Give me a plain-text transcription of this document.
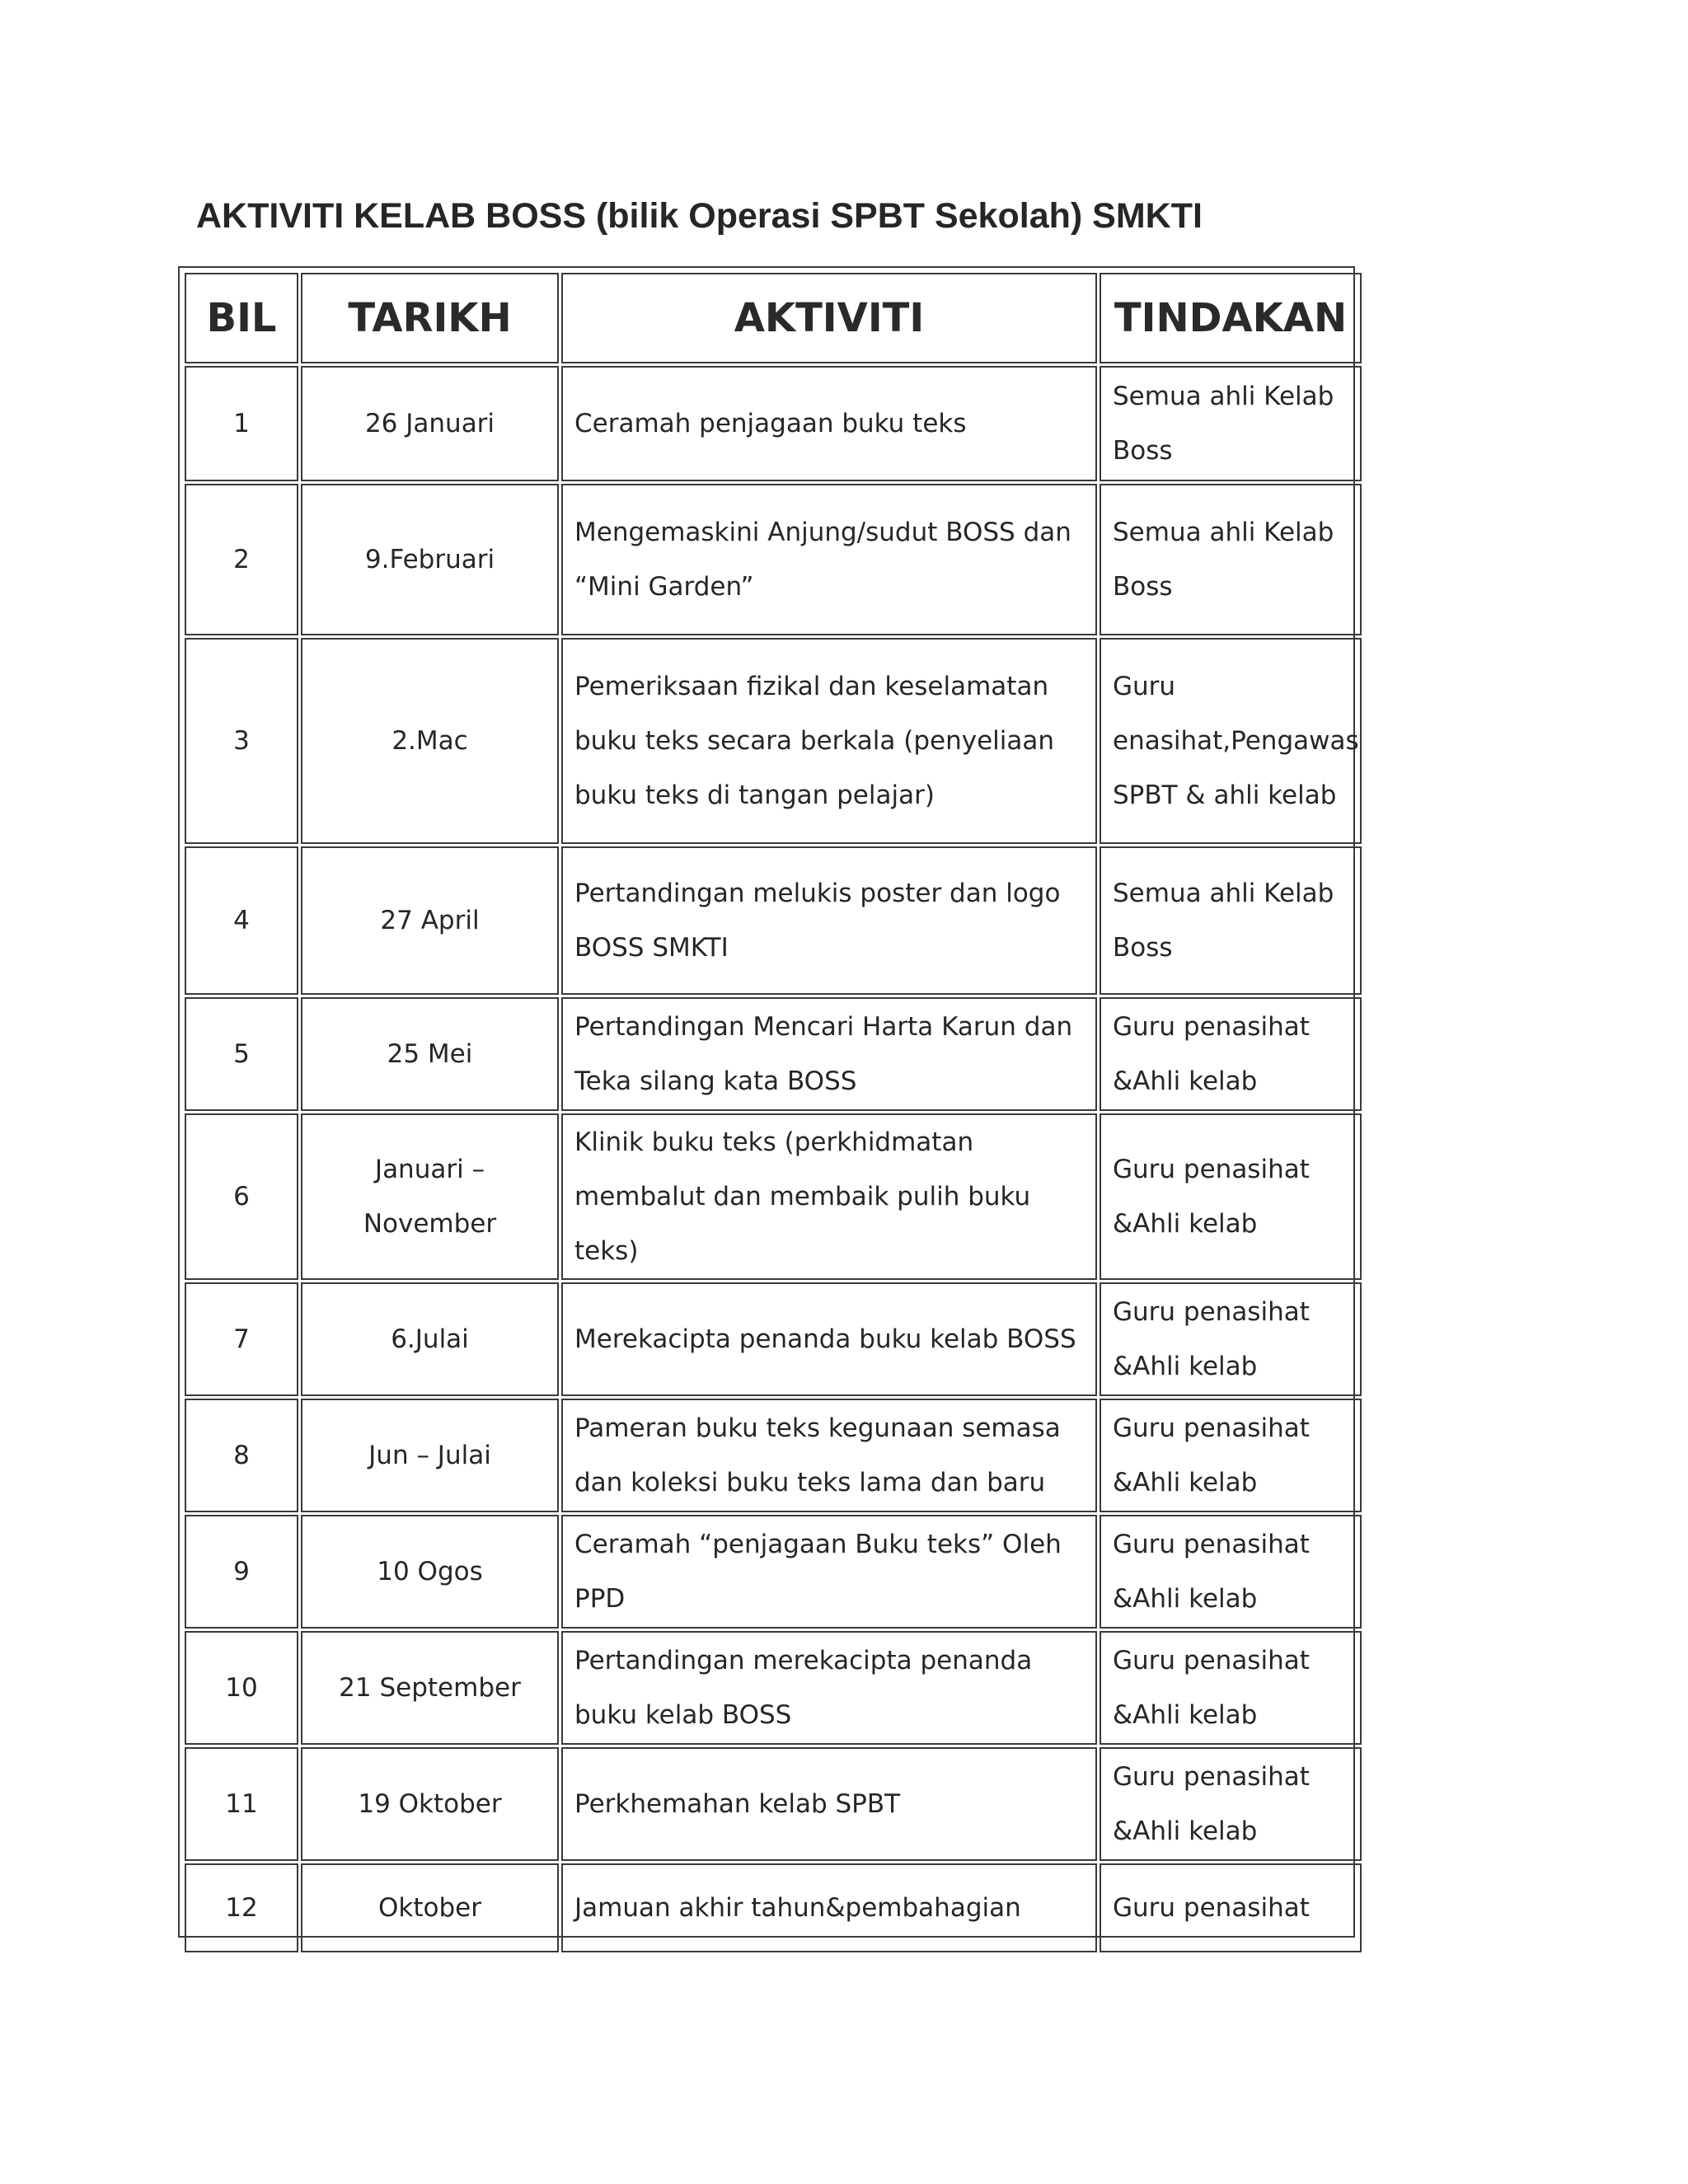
AKTIVITI KELAB BOSS (bilik Operasi SPBT Sekolah) SMKTI
BIL	TARIKH	AKTIVITI	TINDAKAN
1	26 Januari	Ceramah penjagaan buku teks	Semua ahli Kelab Boss
2	9.Februari	Mengemaskini Anjung/sudut BOSS dan “Mini Garden”	Semua ahli Kelab Boss
3	2.Mac	Pemeriksaan fizikal dan keselamatan buku teks secara berkala (penyeliaan buku teks di tangan pelajar)	Guru enasihat,Pengawas SPBT & ahli kelab
4	27 April	Pertandingan melukis poster dan logo BOSS SMKTI	Semua ahli Kelab Boss
5	25 Mei	Pertandingan Mencari Harta Karun dan Teka silang kata BOSS	Guru penasihat &Ahli kelab
6	Januari – November	Klinik buku teks (perkhidmatan membalut dan membaik pulih buku teks)	Guru penasihat &Ahli kelab
7	6.Julai	Merekacipta penanda buku kelab BOSS	Guru penasihat &Ahli kelab
8	Jun – Julai	Pameran buku teks kegunaan semasa dan koleksi buku teks lama dan baru	Guru penasihat &Ahli kelab
9	10 Ogos	Ceramah “penjagaan Buku teks” Oleh PPD	Guru penasihat &Ahli kelab
10	21 September	Pertandingan merekacipta penanda buku kelab BOSS	Guru penasihat &Ahli kelab
11	19 Oktober	Perkhemahan kelab SPBT	Guru penasihat &Ahli kelab
12	Oktober	Jamuan akhir tahun&pembahagian	Guru penasihat
